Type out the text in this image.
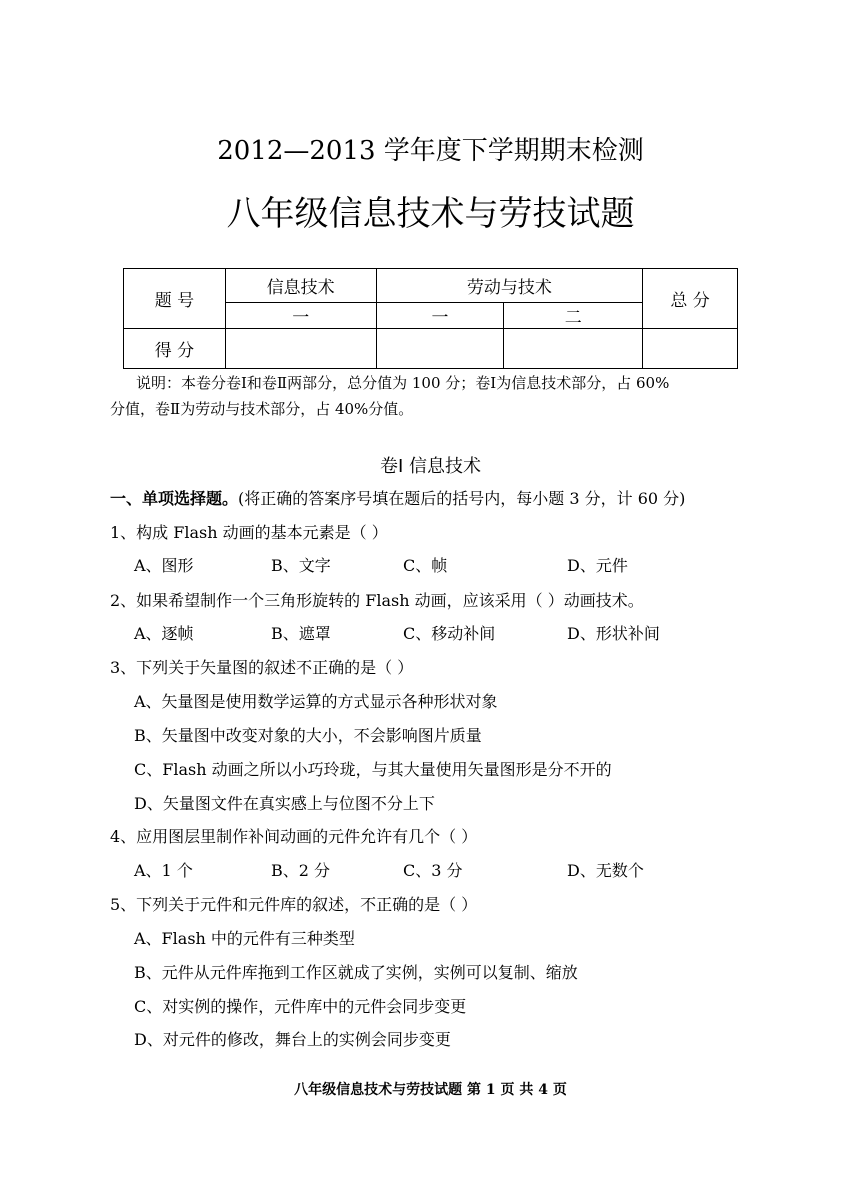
2012—2013 学年度下学期期末检测
八年级信息技术与劳技试题
题 号	信息技术	劳动与技术		总 分
	一	一	二	
得 分				
说明：本卷分卷Ⅰ和卷Ⅱ两部分，总分值为 100 分；卷Ⅰ为信息技术部分，占 60%
分值，卷Ⅱ为劳动与技术部分，占 40%分值。
卷Ⅰ 信息技术
一、单项选择题。(将正确的答案序号填在题后的括号内，每小题 3 分，计 60 分)
1、构成 Flash 动画的基本元素是（ ）
A、图形	B、文字	C、帧	D、元件
2、如果希望制作一个三角形旋转的 Flash 动画，应该采用（ ）动画技术。
A、逐帧	B、遮罩	C、移动补间	D、形状补间
3、下列关于矢量图的叙述不正确的是（ ）
A、矢量图是使用数学运算的方式显示各种形状对象
B、矢量图中改变对象的大小，不会影响图片质量
C、Flash 动画之所以小巧玲珑，与其大量使用矢量图形是分不开的
D、矢量图文件在真实感上与位图不分上下
4、应用图层里制作补间动画的元件允许有几个（ ）
A、1 个	B、2 分	C、3 分	D、无数个
5、下列关于元件和元件库的叙述，不正确的是（ ）
A、Flash 中的元件有三种类型
B、元件从元件库拖到工作区就成了实例，实例可以复制、缩放
C、对实例的操作，元件库中的元件会同步变更
D、对元件的修改，舞台上的实例会同步变更
八年级信息技术与劳技试题 第 1 页 共 4 页
